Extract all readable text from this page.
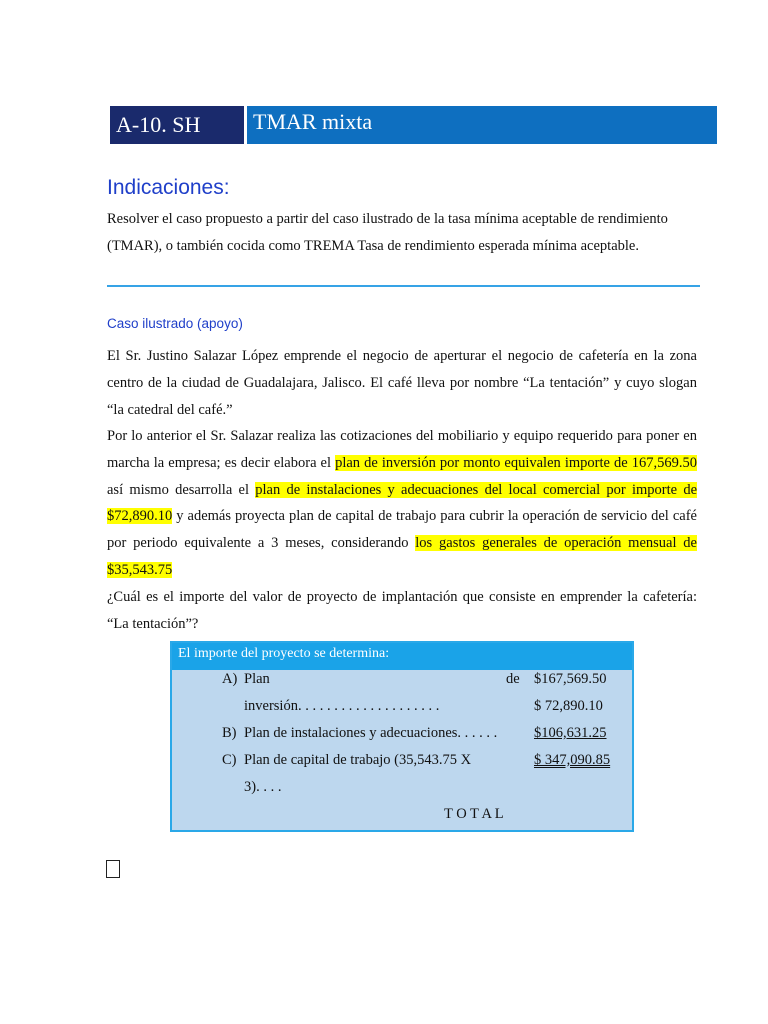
A-10. SH	TMAR mixta
Indicaciones:
Resolver el caso propuesto a partir del caso ilustrado de la tasa mínima aceptable de rendimiento (TMAR), o también cocida como TREMA Tasa de rendimiento esperada mínima aceptable.
Caso ilustrado (apoyo)
El Sr. Justino Salazar López emprende el negocio de aperturar el negocio de cafetería en la zona centro de la ciudad de Guadalajara, Jalisco. El café lleva por nombre “La tentación” y cuyo slogan “la catedral del café.”
Por lo anterior el Sr. Salazar realiza las cotizaciones del mobiliario y equipo requerido para poner en marcha la empresa; es decir elabora el plan de inversión por monto equivalen importe de 167,569.50 así mismo desarrolla el plan de instalaciones y adecuaciones del local comercial por importe de $72,890.10 y además proyecta plan de capital de trabajo para cubrir la operación de servicio del café por periodo equivalente a 3 meses, considerando los gastos generales de operación mensual de $35,543.75
¿Cuál es el importe del valor de proyecto de implantación que consiste en emprender la cafetería: “La tentación”?
El importe del proyecto se determina:
A) Plan	de
inversión. . . . . . . . . . . . . . . . . . . .
B) Plan de instalaciones y adecuaciones. . . . . .
C) Plan de capital de trabajo (35,543.75 X
3). . . .
T O T A L
$167,569.50
$ 72,890.10
$106,631.25
$ 347,090.85
